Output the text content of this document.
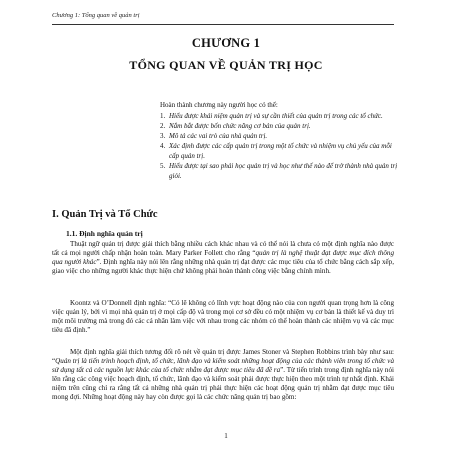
Chương 1: Tổng quan về quản trị
CHƯƠNG 1
TỔNG QUAN VỀ QUẢN TRỊ HỌC
Hoàn thành chương này người học có thể:
1. Hiểu được khái niệm quản trị và sự cần thiết của quản trị trong các tổ chức.
2. Nắm bắt được bốn chức năng cơ bản của quản trị.
3. Mô tả các vai trò của nhà quản trị.
4. Xác định được các cấp quản trị trong một tổ chức và nhiệm vụ chủ yếu của mỗi cấp quản trị.
5. Hiểu được tại sao phải học quản trị và học như thế nào để trở thành nhà quản trị giỏi.
I. Quản Trị và Tổ Chức
1.1. Định nghĩa quản trị
Thuật ngữ quản trị được giải thích bằng nhiều cách khác nhau và có thể nói là chưa có một định nghĩa nào được tất cả mọi người chấp nhận hoàn toàn. Mary Parker Follett cho rằng “quản trị là nghệ thuật đạt được mục đích thông qua người khác”. Định nghĩa này nói lên rằng những nhà quản trị đạt được các mục tiêu của tổ chức bằng cách sắp xếp, giao việc cho những người khác thực hiện chứ không phải hoàn thành công việc bằng chính mình.
Koontz và O’Donnell định nghĩa: “Có lẽ không có lĩnh vực hoạt động nào của con người quan trọng hơn là công việc quản lý, bởi vì mọi nhà quản trị ở mọi cấp độ và trong mọi cơ sở đều có một nhiệm vụ cơ bản là thiết kế và duy trì một môi trường mà trong đó các cá nhân làm việc với nhau trong các nhóm có thể hoàn thành các nhiệm vụ và các mục tiêu đã định.”
Một định nghĩa giải thích tương đối rõ nét về quản trị được James Stoner và Stephen Robbins trình bày như sau: “Quản trị là tiến trình hoạch định, tổ chức, lãnh đạo và kiểm soát những hoạt động của các thành viên trong tổ chức và sử dụng tất cả các nguồn lực khác của tổ chức nhằm đạt được mục tiêu đã đề ra”. Từ tiến trình trong định nghĩa này nói lên rằng các công việc hoạch định, tổ chức, lãnh đạo và kiểm soát phải được thực hiện theo một trình tự nhất định. Khái niệm trên cũng chỉ ra rằng tất cả những nhà quản trị phải thực hiện các hoạt động quản trị nhằm đạt được mục tiêu mong đợi. Những hoạt động này hay còn được gọi là các chức năng quản trị bao gồm:
1
